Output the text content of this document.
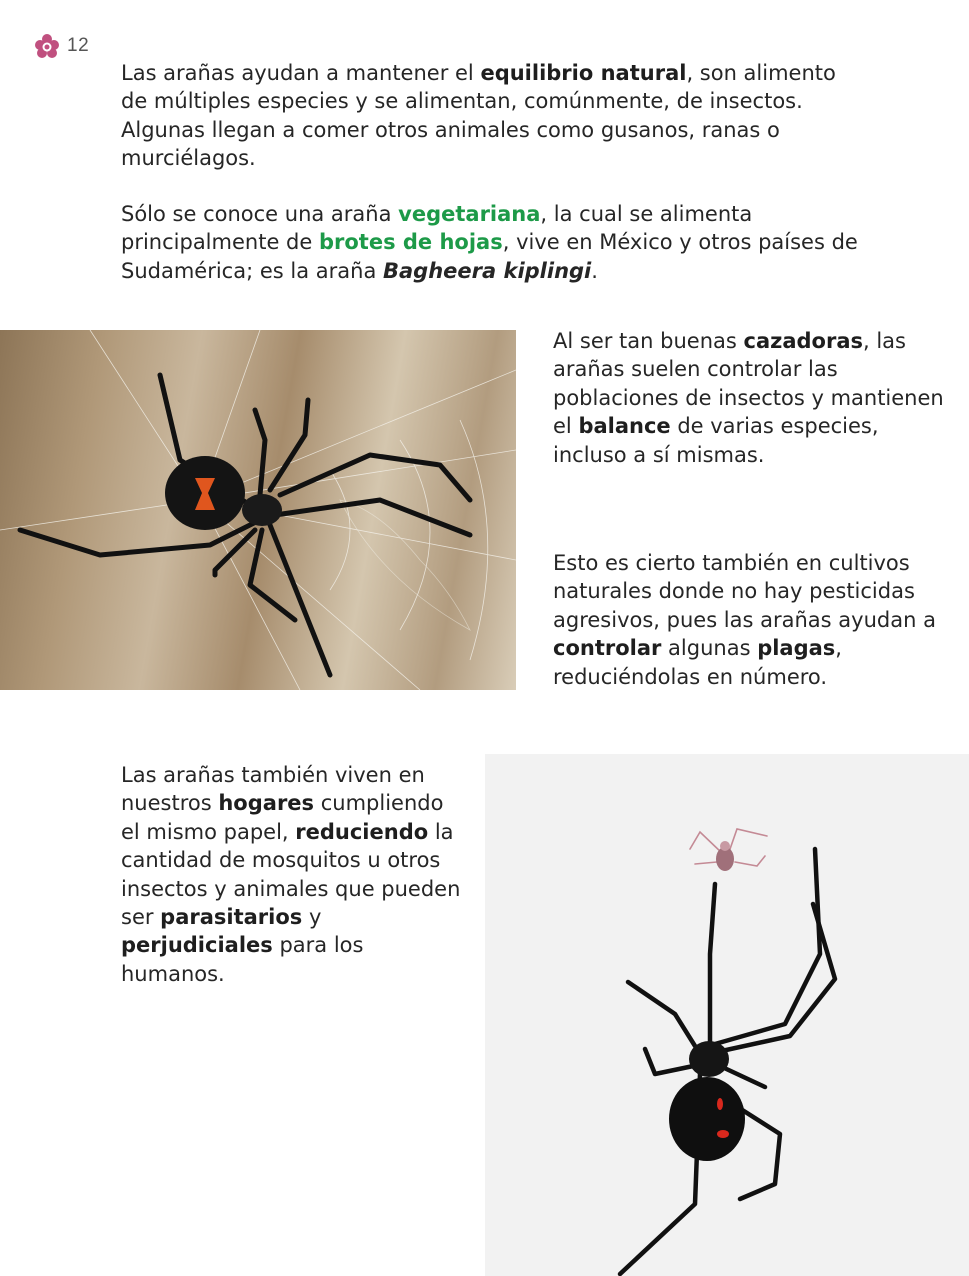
12

Las arañas ayudan a mantener el equilibrio natural, son alimento de múltiples especies y se alimentan, comúnmente, de insectos. Algunas llegan a comer otros animales como gusanos, ranas o murciélagos.

Sólo se conoce una araña vegetariana, la cual se alimenta principalmente de brotes de hojas, vive en México y otros países de Sudamérica; es la araña Bagheera kiplingi.

Al ser tan buenas cazadoras, las arañas suelen controlar las poblaciones de insectos y mantienen el balance de varias especies, incluso a sí mismas.

Esto es cierto también en cultivos naturales donde no hay pesticidas agresivos, pues las arañas ayudan a controlar algunas plagas, reduciéndolas en número.

Las arañas también viven en nuestros hogares cumpliendo el mismo papel, reduciendo la cantidad de mosquitos u otros insectos y animales que pueden ser parasitarios y perjudiciales para los humanos.
